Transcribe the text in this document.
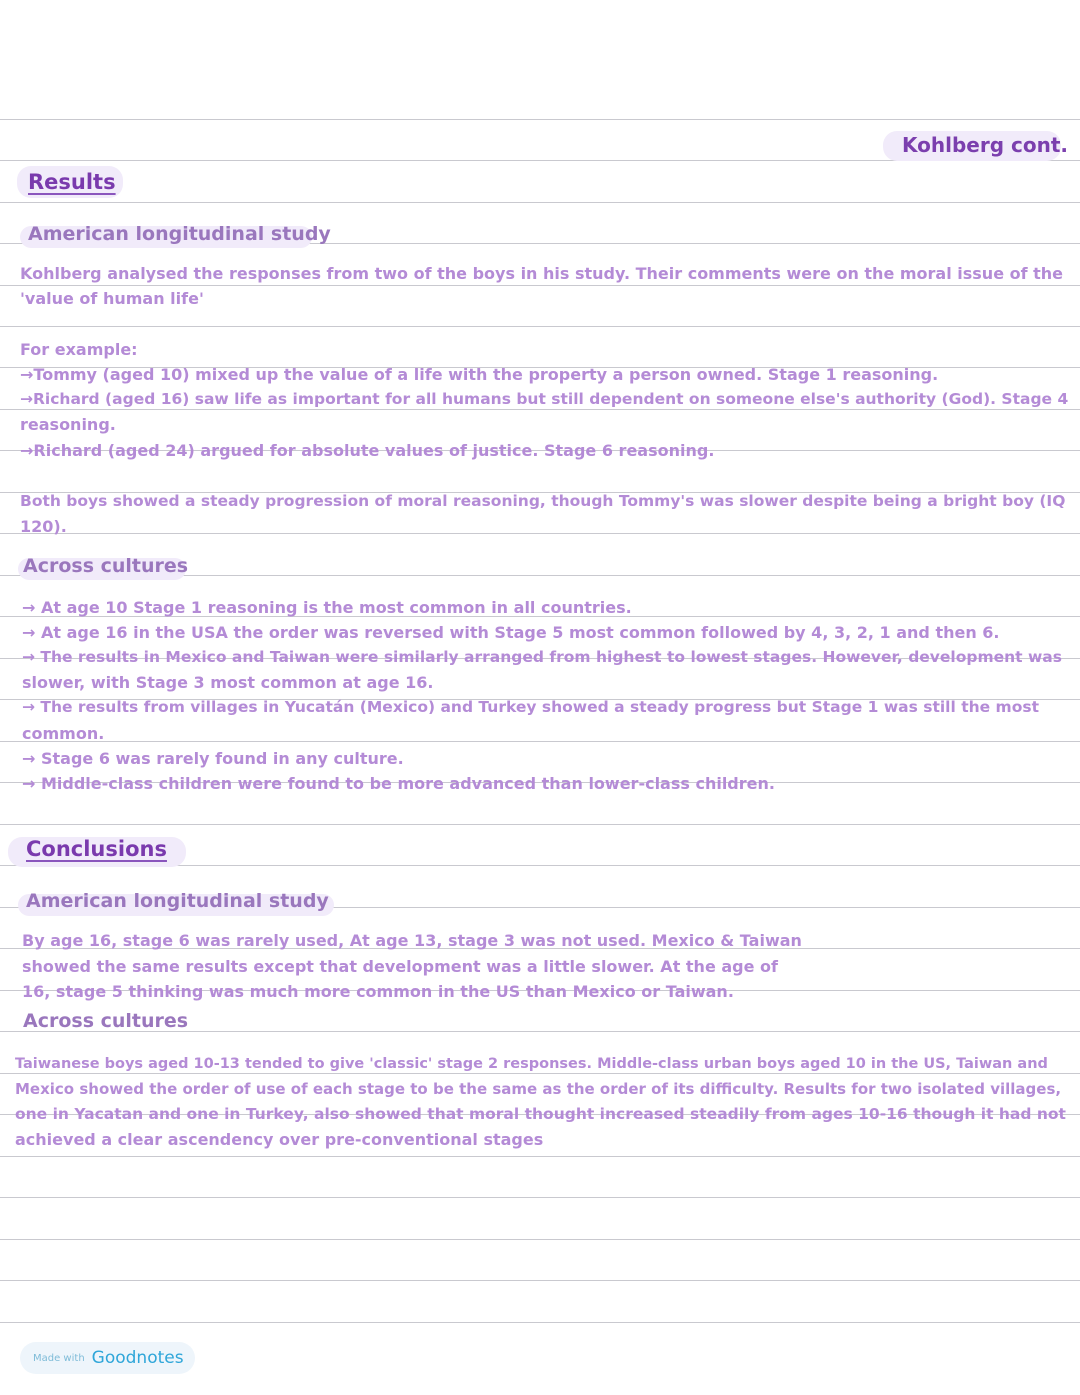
Kohlberg cont.
Results
American longitudinal study
Kohlberg analysed the responses from two of the boys in his study. Their comments were on the moral issue of the
'value of human life'
For example:
→Tommy (aged 10) mixed up the value of a life with the property a person owned. Stage 1 reasoning.
→Richard (aged 16) saw life as important for all humans but still dependent on someone else's authority (God). Stage 4
reasoning.
→Richard (aged 24) argued for absolute values of justice. Stage 6 reasoning.
Both boys showed a steady progression of moral reasoning, though Tommy's was slower despite being a bright boy (IQ
120).
Across cultures
→ At age 10 Stage 1 reasoning is the most common in all countries.
→ At age 16 in the USA the order was reversed with Stage 5 most common followed by 4, 3, 2, 1 and then 6.
→ The results in Mexico and Taiwan were similarly arranged from highest to lowest stages. However, development was
slower, with Stage 3 most common at age 16.
→ The results from villages in Yucatán (Mexico) and Turkey showed a steady progress but Stage 1 was still the most
common.
→ Stage 6 was rarely found in any culture.
→ Middle-class children were found to be more advanced than lower-class children.
Conclusions
American longitudinal study
By age 16, stage 6 was rarely used, At age 13, stage 3 was not used. Mexico & Taiwan
showed the same results except that development was a little slower. At the age of
16, stage 5 thinking was much more common in the US than Mexico or Taiwan.
Across cultures
Taiwanese boys aged 10-13 tended to give 'classic' stage 2 responses. Middle-class urban boys aged 10 in the US, Taiwan and
Mexico showed the order of use of each stage to be the same as the order of its difficulty. Results for two isolated villages,
one in Yacatan and one in Turkey, also showed that moral thought increased steadily from ages 10-16 though it had not
achieved a clear ascendency over pre-conventional stages
Made with Goodnotes
